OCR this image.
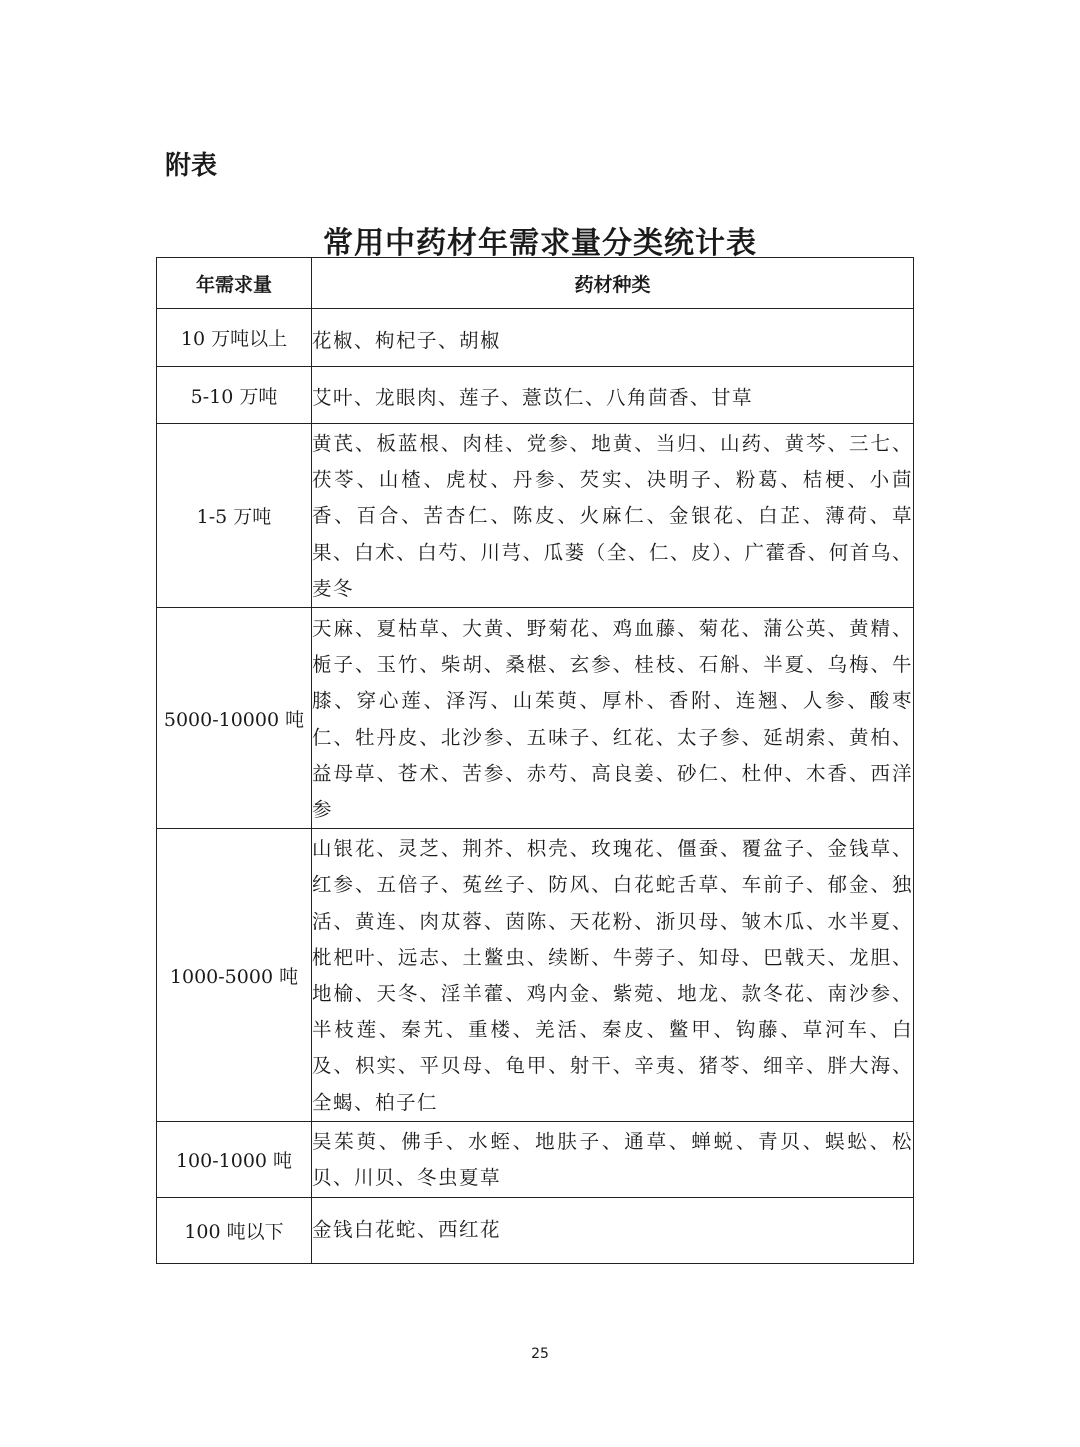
附表
常用中药材年需求量分类统计表
年需求量	药材种类
10 万吨以上	花椒、枸杞子、胡椒
5-10 万吨	艾叶、龙眼肉、莲子、薏苡仁、八角茴香、甘草
1-5 万吨	黄芪、板蓝根、肉桂、党参、地黄、当归、山药、黄芩、三七、茯苓、山楂、虎杖、丹参、芡实、决明子、粉葛、桔梗、小茴香、百合、苦杏仁、陈皮、火麻仁、金银花、白芷、薄荷、草果、白术、白芍、川芎、瓜蒌（全、仁、皮）、广藿香、何首乌、麦冬
5000-10000 吨	天麻、夏枯草、大黄、野菊花、鸡血藤、菊花、蒲公英、黄精、栀子、玉竹、柴胡、桑椹、玄参、桂枝、石斛、半夏、乌梅、牛膝、穿心莲、泽泻、山茱萸、厚朴、香附、连翘、人参、酸枣仁、牡丹皮、北沙参、五味子、红花、太子参、延胡索、黄柏、益母草、苍术、苦参、赤芍、高良姜、砂仁、杜仲、木香、西洋参
1000-5000 吨	山银花、灵芝、荆芥、枳壳、玫瑰花、僵蚕、覆盆子、金钱草、红参、五倍子、菟丝子、防风、白花蛇舌草、车前子、郁金、独活、黄连、肉苁蓉、茵陈、天花粉、浙贝母、皱木瓜、水半夏、枇杷叶、远志、土鳖虫、续断、牛蒡子、知母、巴戟天、龙胆、地榆、天冬、淫羊藿、鸡内金、紫菀、地龙、款冬花、南沙参、半枝莲、秦艽、重楼、羌活、秦皮、鳖甲、钩藤、草河车、白及、枳实、平贝母、龟甲、射干、辛夷、猪苓、细辛、胖大海、全蝎、柏子仁
100-1000 吨	吴茱萸、佛手、水蛭、地肤子、通草、蝉蜕、青贝、蜈蚣、松贝、川贝、冬虫夏草
100 吨以下	金钱白花蛇、西红花
25
